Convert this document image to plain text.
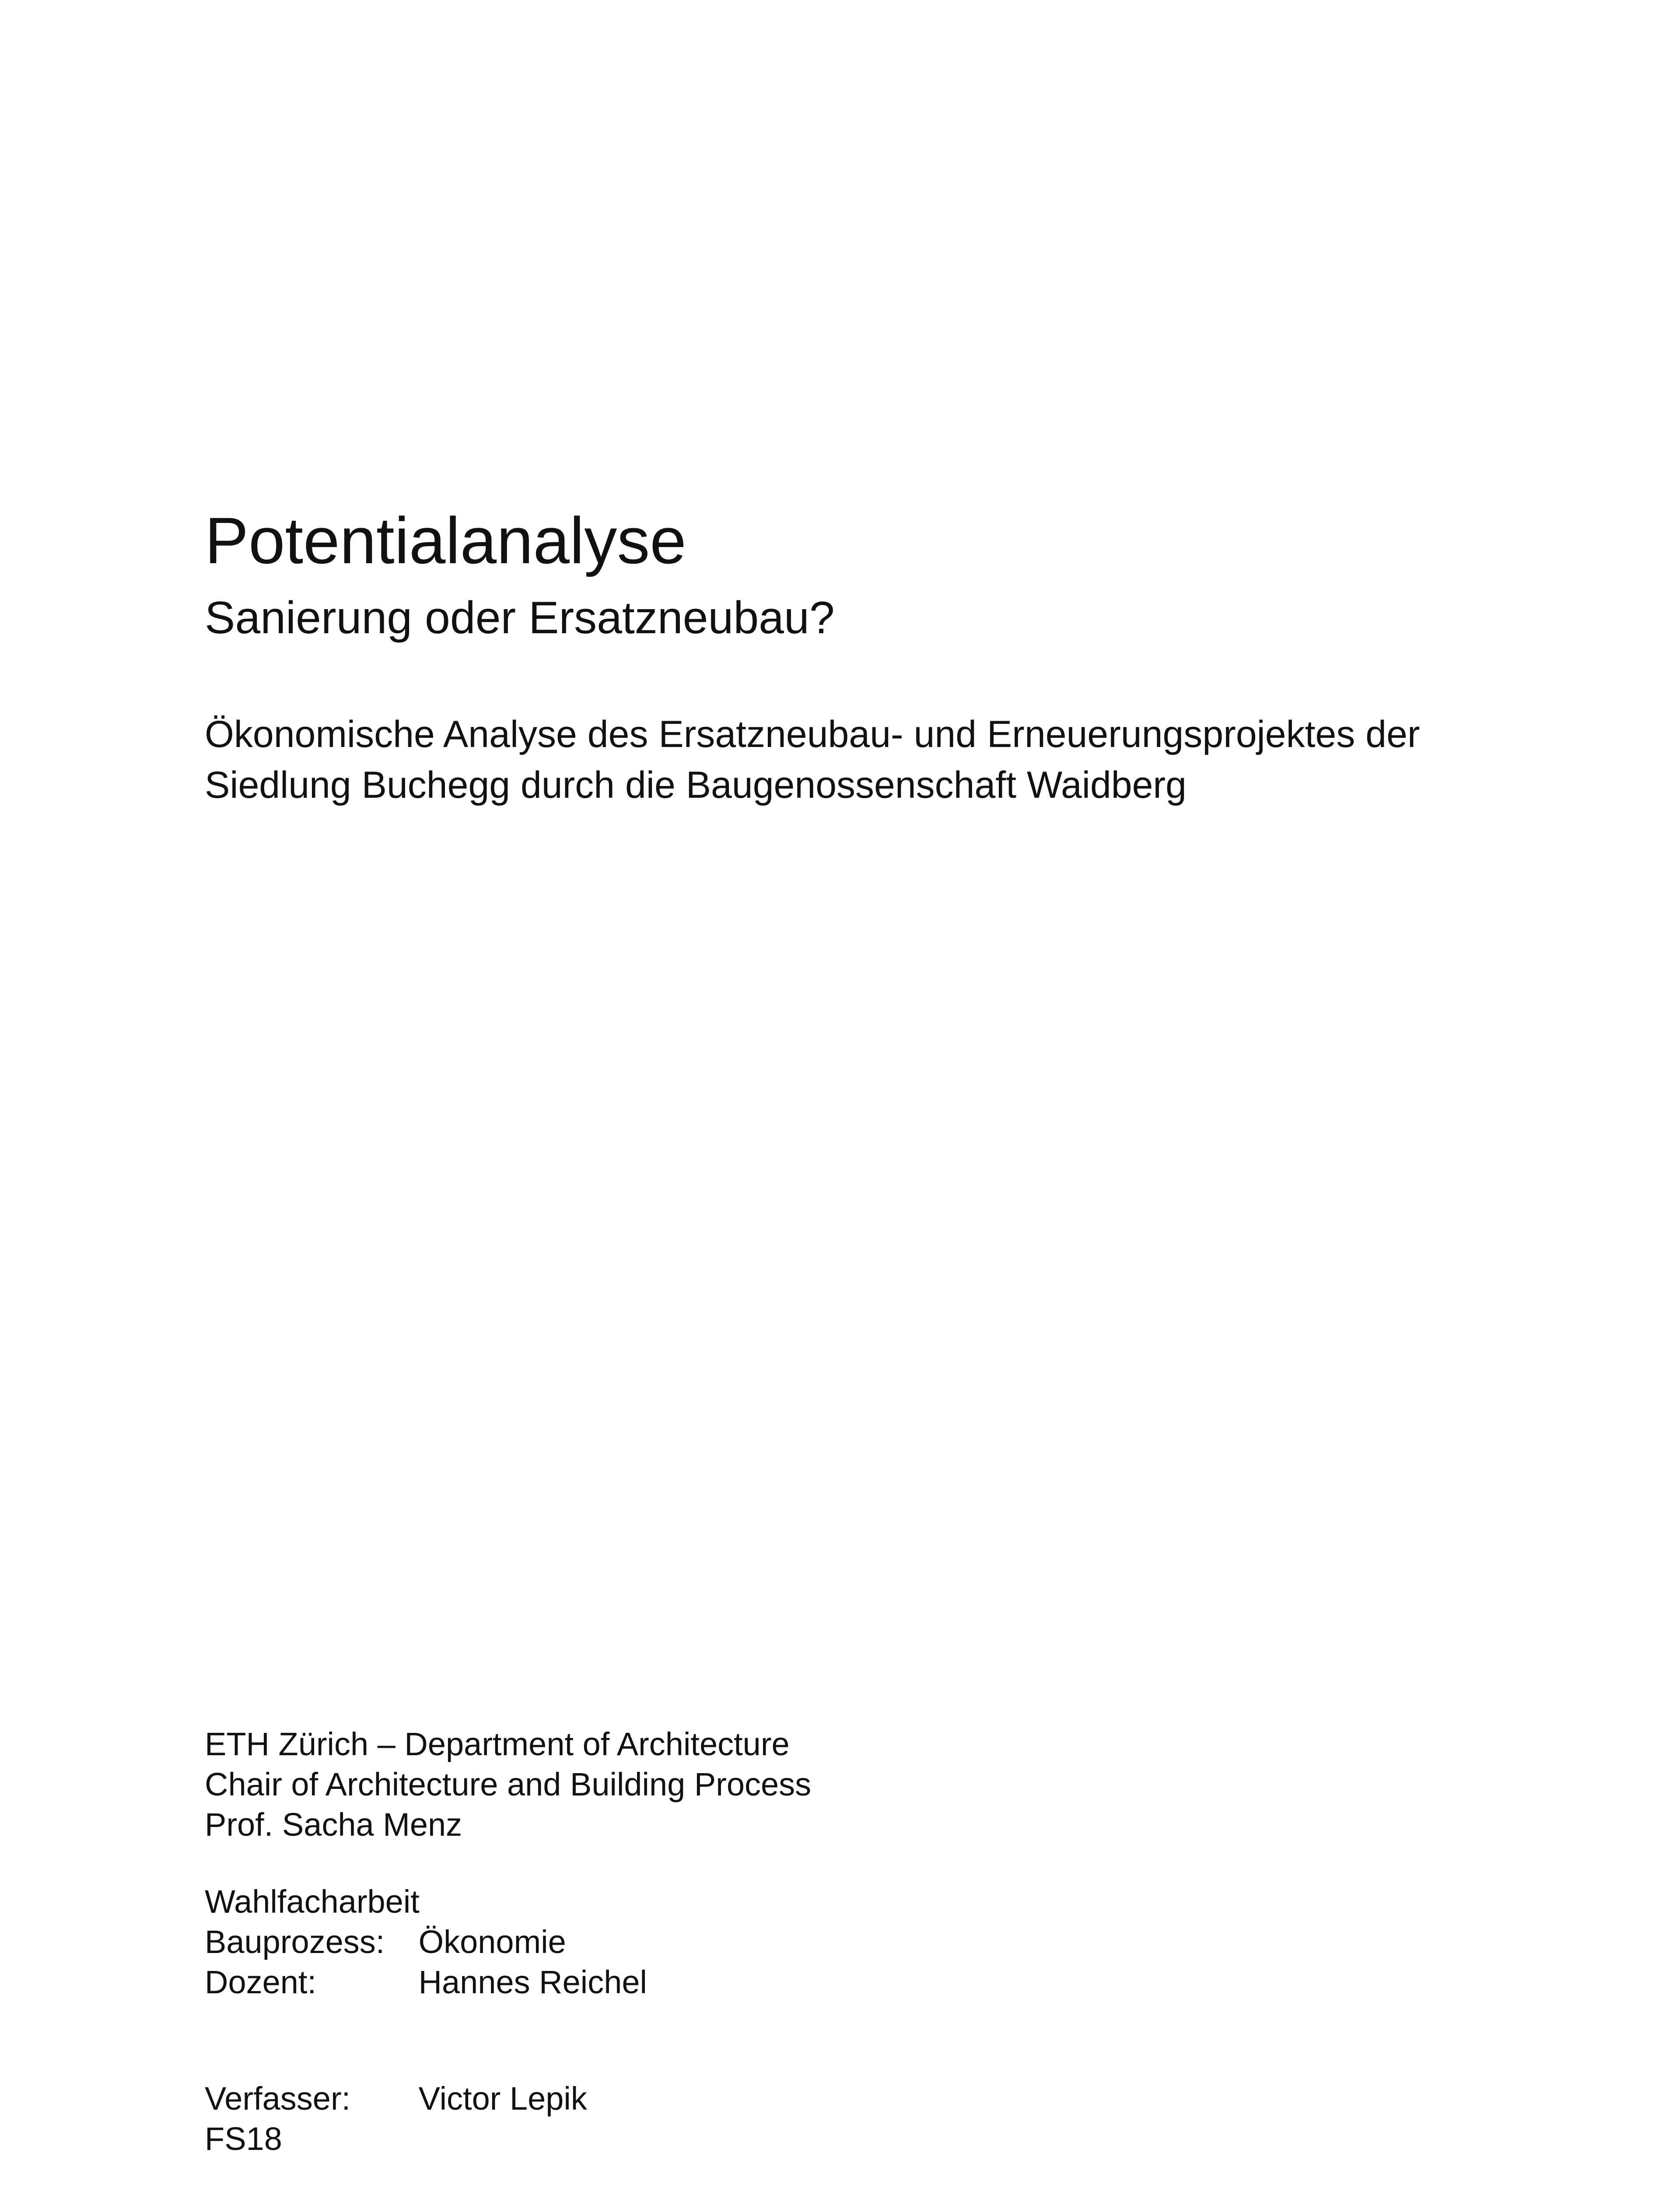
Potentialanalyse
Sanierung oder Ersatzneubau?

Ökonomische Analyse des Ersatzneubau- und Erneuerungsprojektes der
Siedlung Buchegg durch die Baugenossenschaft Waidberg

ETH Zürich – Department of Architecture
Chair of Architecture and Building Process
Prof. Sacha Menz
Wahlfacharbeit
Bauprozess: Ökonomie
Dozent:	Hannes Reichel
Verfasser: Victor Lepik
FS18
